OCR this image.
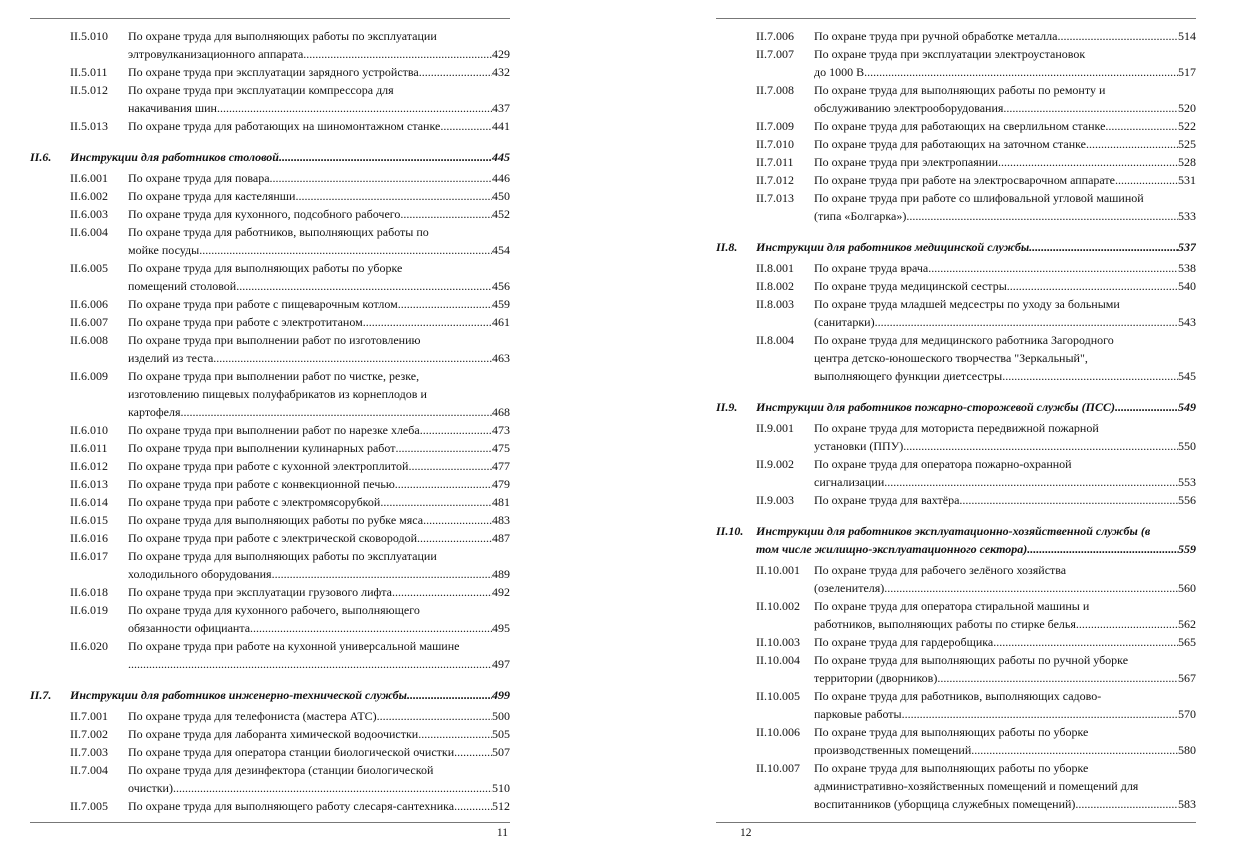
II.5.010 По охране труда для выполняющих работы по эксплуатации
элтровулканизационного аппарата .....	429
II.5.011 По охране труда при эксплуатации зарядного устройства .....	432
II.5.012 По охране труда при эксплуатации компрессора для
накачивания шин .....	437
II.5.013 По охране труда для работающих на шиномонтажном станке .....	441
II.6. Инструкции для работников столовой .....	445
II.6.001 По охране труда для повара .....	446
II.6.002 По охране труда для кастелянши .....	450
II.6.003 По охране труда для кухонного, подсобного рабочего .....	452
II.6.004 По охране труда для работников, выполняющих работы по
мойке посуды .....	454
II.6.005 По охране труда для выполняющих работы по уборке
помещений столовой .....	456
II.6.006 По охране труда при работе с пищеварочным котлом .....	459
II.6.007 По охране труда при работе с электротитаном .....	461
II.6.008 По охране труда при выполнении работ по изготовлению
изделий из теста .....	463
II.6.009 По охране труда при выполнении работ по чистке, резке,
изготовлению пищевых полуфабрикатов из корнеплодов и
картофеля .....	468
II.6.010 По охране труда при выполнении работ по нарезке хлеба .....	473
II.6.011 По охране труда при выполнении кулинарных работ .....	475
II.6.012 По охране труда при работе с кухонной электроплитой .....	477
II.6.013 По охране труда при работе с конвекционной печью .....	479
II.6.014 По охране труда при работе с электромясорубкой .....	481
II.6.015 По охране труда для выполняющих работы по рубке мяса .....	483
II.6.016 По охране труда при работе с электрической сковородой .....	487
II.6.017 По охране труда для выполняющих работы по эксплуатации
холодильного оборудования .....	489
II.6.018 По охране труда при эксплуатации грузового лифта .....	492
II.6.019 По охране труда для кухонного рабочего, выполняющего
обязанности официанта .....	495
II.6.020 По охране труда при работе на кухонной универсальной машине
.....
497
II.7. Инструкции для работников инженерно-технической службы .....	499
II.7.001 По охране труда для телефониста (мастера АТС) .....	500
II.7.002 По охране труда для лаборанта химической водоочистки .....	505
II.7.003 По охране труда для оператора станции биологической очистки .....	507
II.7.004 По охране труда для дезинфектора (станции биологической
очистки) .....	510
II.7.005 По охране труда для выполняющего работу слесаря-сантехника .....	512
11
II.7.006 По охране труда при ручной обработке металла .....	514
II.7.007 По охране труда при эксплуатации электроустановок
до 1000 В .....	517
II.7.008 По охране труда для выполняющих работы по ремонту и
обслуживанию электрооборудования .....	520
II.7.009 По охране труда для работающих на сверлильном станке .....	522
II.7.010 По охране труда для работающих на заточном станке .....	525
II.7.011 По охране труда при электропаянии .....	528
II.7.012 По охране труда при работе на электросварочном аппарате .....	531
II.7.013 По охране труда при работе со шлифовальной угловой машиной
(типа «Болгарка») .....	533
II.8. Инструкции для работников медицинской службы .....	537
II.8.001 По охране труда врача .....	538
II.8.002 По охране труда медицинской сестры .....	540
II.8.003 По охране труда младшей медсестры по уходу за больными
(санитарки) .....	543
II.8.004 По охране труда для медицинского работника Загородного
центра детско-юношеского творчества "Зеркальный",
выполняющего функции диетсестры .....	545
II.9. Инструкции для работников пожарно-сторожевой службы (ПСС) .....	549
II.9.001 По охране труда для моториста передвижной пожарной
установки (ППУ) .....	550
II.9.002 По охране труда для оператора пожарно-охранной
сигнализации .....	553
II.9.003 По охране труда для вахтёра .....	556
II.10. Инструкции для работников эксплуатационно-хозяйственной службы (в
том числе жилищно-эксплуатационного сектора) .....	559
II.10.001 По охране труда для рабочего зелёного хозяйства
(озеленителя) .....	560
II.10.002 По охране труда для оператора стиральной машины и
работников, выполняющих работы по стирке белья .....	562
II.10.003 По охране труда для гардеробщика .....	565
II.10.004 По охране труда для выполняющих работы по ручной уборке
территории (дворников) .....	567
II.10.005 По охране труда для работников, выполняющих садово-
парковые работы .....	570
II.10.006 По охране труда для выполняющих работы по уборке
производственных помещений .....	580
II.10.007 По охране труда для выполняющих работы по уборке
административно-хозяйственных помещений и помещений для
воспитанников (уборщица служебных помещений) .....	583
12
